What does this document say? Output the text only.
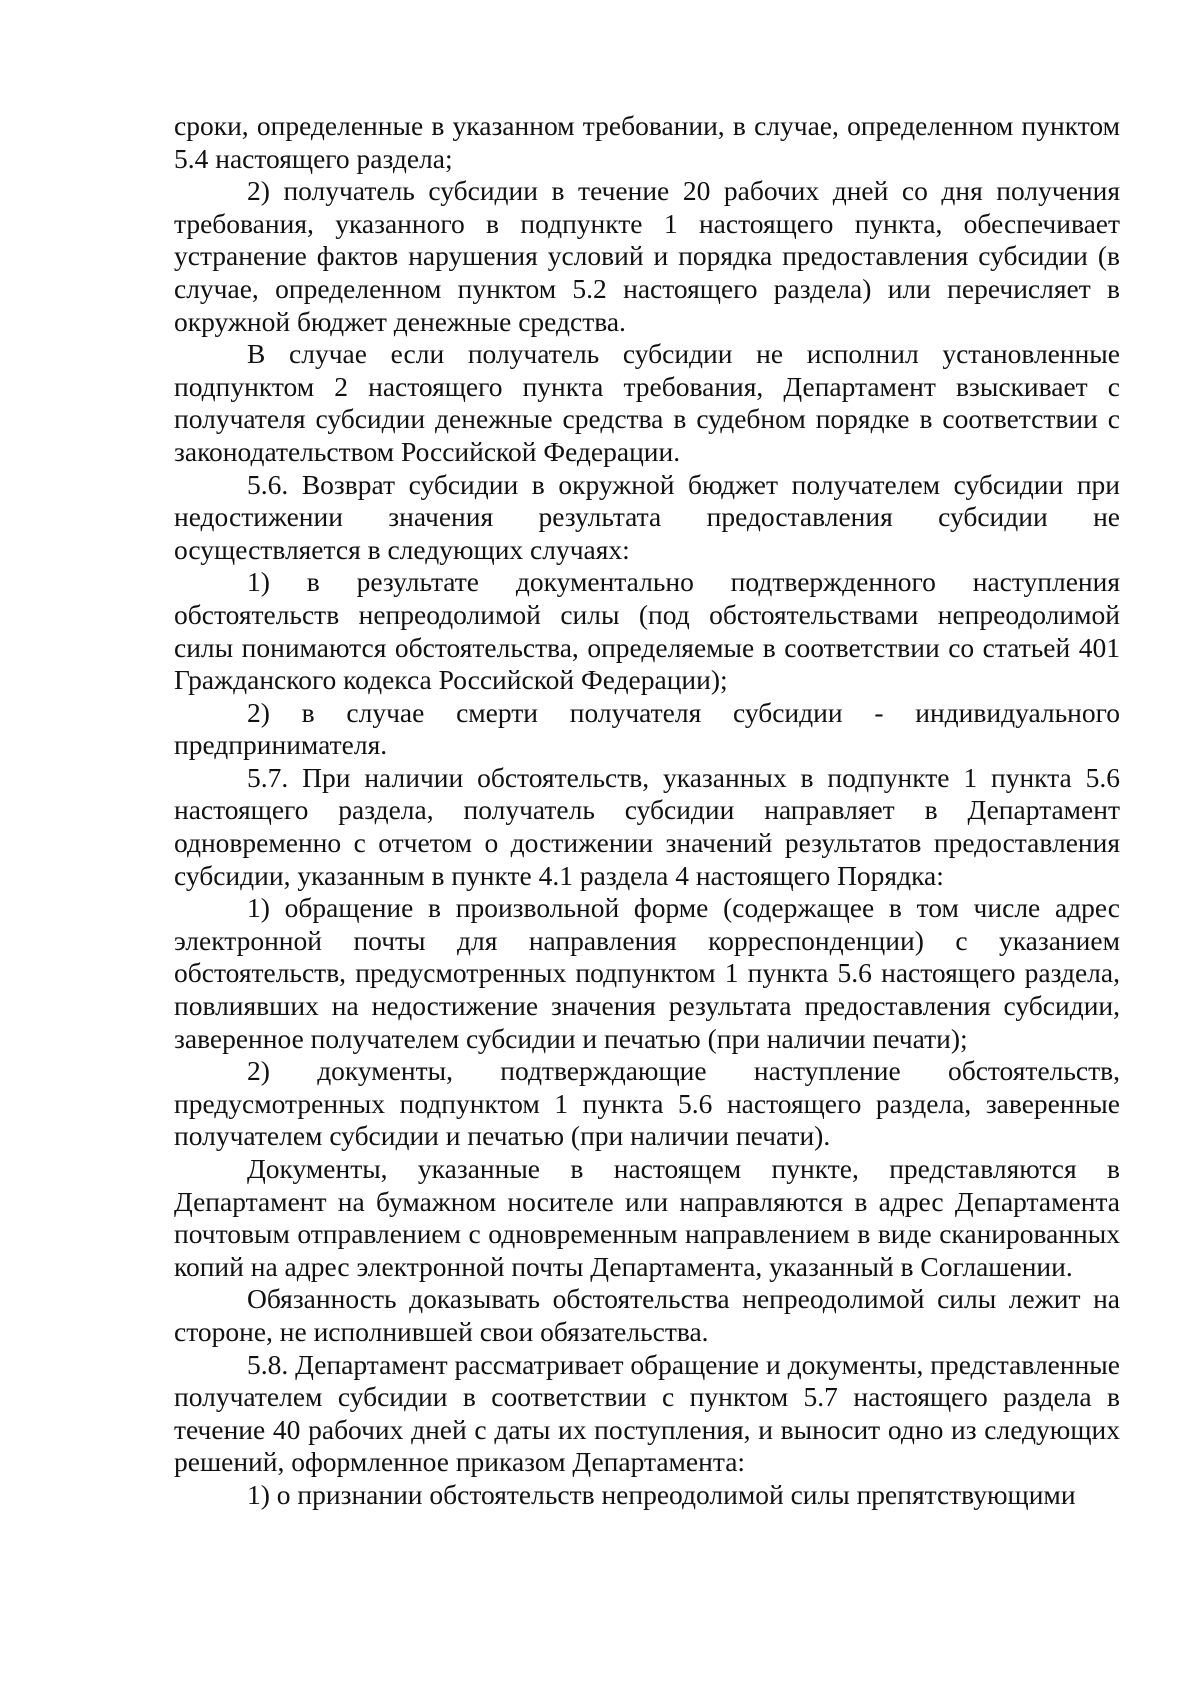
сроки, определенные в указанном требовании, в случае, определенном пунктом 5.4 настоящего раздела;

2) получатель субсидии в течение 20 рабочих дней со дня получения требования, указанного в подпункте 1 настоящего пункта, обеспечивает устранение фактов нарушения условий и порядка предоставления субсидии (в случае, определенном пунктом 5.2 настоящего раздела) или перечисляет в окружной бюджет денежные средства.

В случае если получатель субсидии не исполнил установленные подпунктом 2 настоящего пункта требования, Департамент взыскивает с получателя субсидии денежные средства в судебном порядке в соответствии с законодательством Российской Федерации.

5.6. Возврат субсидии в окружной бюджет получателем субсидии при недостижении значения результата предоставления субсидии не осуществляется в следующих случаях:

1) в результате документально подтвержденного наступления обстоятельств непреодолимой силы (под обстоятельствами непреодолимой силы понимаются обстоятельства, определяемые в соответствии со статьей 401 Гражданского кодекса Российской Федерации);

2) в случае смерти получателя субсидии - индивидуального предпринимателя.

5.7. При наличии обстоятельств, указанных в подпункте 1 пункта 5.6 настоящего раздела, получатель субсидии направляет в Департамент одновременно с отчетом о достижении значений результатов предоставления субсидии, указанным в пункте 4.1 раздела 4 настоящего Порядка:

1) обращение в произвольной форме (содержащее в том числе адрес электронной почты для направления корреспонденции) с указанием обстоятельств, предусмотренных подпунктом 1 пункта 5.6 настоящего раздела, повлиявших на недостижение значения результата предоставления субсидии, заверенное получателем субсидии и печатью (при наличии печати);

2) документы, подтверждающие наступление обстоятельств, предусмотренных подпунктом 1 пункта 5.6 настоящего раздела, заверенные получателем субсидии и печатью (при наличии печати).

Документы, указанные в настоящем пункте, представляются в Департамент на бумажном носителе или направляются в адрес Департамента почтовым отправлением с одновременным направлением в виде сканированных копий на адрес электронной почты Департамента, указанный в Соглашении.

Обязанность доказывать обстоятельства непреодолимой силы лежит на стороне, не исполнившей свои обязательства.

5.8. Департамент рассматривает обращение и документы, представленные получателем субсидии в соответствии с пунктом 5.7 настоящего раздела в течение 40 рабочих дней с даты их поступления, и выносит одно из следующих решений, оформленное приказом Департамента:

1) о признании обстоятельств непреодолимой силы препятствующими
